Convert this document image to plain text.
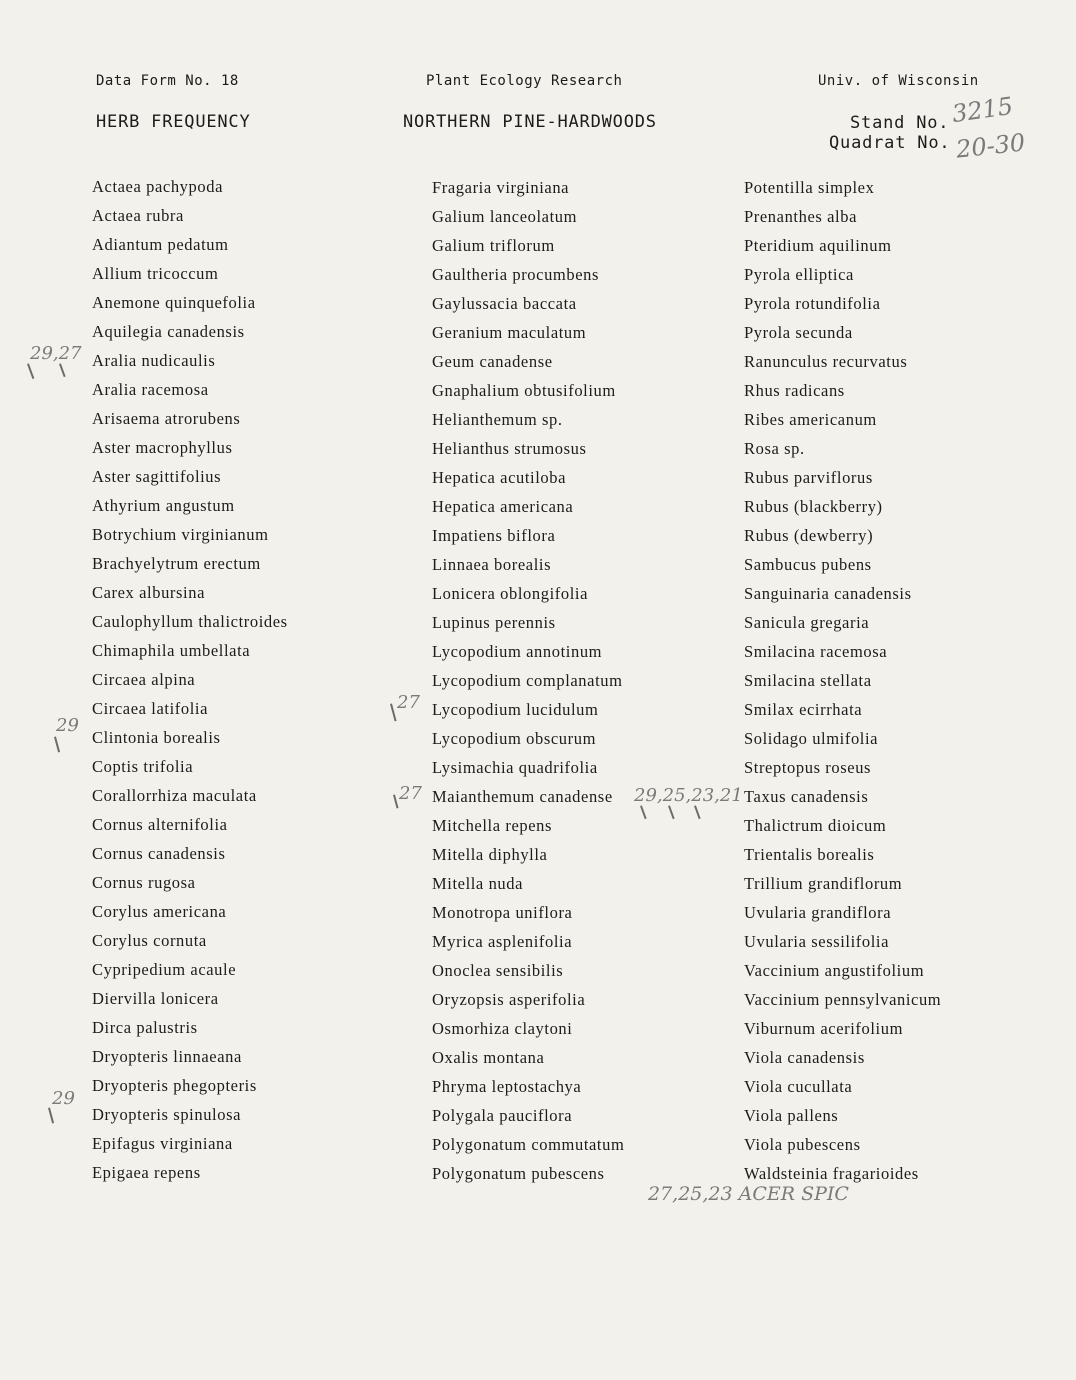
Data Form No. 18	Plant Ecology Research	Univ. of Wisconsin
HERB FREQUENCY	NORTHERN PINE-HARDWOODS	Stand No. 3215
Quadrat No. 20-30
Actaea pachypoda
Actaea rubra
Adiantum pedatum
Allium tricoccum
Anemone quinquefolia
Aquilegia canadensis
Aralia nudicaulis
Aralia racemosa
Arisaema atrorubens
Aster macrophyllus
Aster sagittifolius
Athyrium angustum
Botrychium virginianum
Brachyelytrum erectum
Carex albursina
Caulophyllum thalictroides
Chimaphila umbellata
Circaea alpina
Circaea latifolia
Clintonia borealis
Coptis trifolia
Corallorrhiza maculata
Cornus alternifolia
Cornus canadensis
Cornus rugosa
Corylus americana
Corylus cornuta
Cypripedium acaule
Diervilla lonicera
Dirca palustris
Dryopteris linnaeana
Dryopteris phegopteris
Dryopteris spinulosa
Epifagus virginiana
Epigaea repens
Fragaria virginiana
Galium lanceolatum
Galium triflorum
Gaultheria procumbens
Gaylussacia baccata
Geranium maculatum
Geum canadense
Gnaphalium obtusifolium
Helianthemum sp.
Helianthus strumosus
Hepatica acutiloba
Hepatica americana
Impatiens biflora
Linnaea borealis
Lonicera oblongifolia
Lupinus perennis
Lycopodium annotinum
Lycopodium complanatum
Lycopodium lucidulum
Lycopodium obscurum
Lysimachia quadrifolia
Maianthemum canadense
Mitchella repens
Mitella diphylla
Mitella nuda
Monotropa uniflora
Myrica asplenifolia
Onoclea sensibilis
Oryzopsis asperifolia
Osmorhiza claytoni
Oxalis montana
Phryma leptostachya
Polygala pauciflora
Polygonatum commutatum
Polygonatum pubescens
Potentilla simplex
Prenanthes alba
Pteridium aquilinum
Pyrola elliptica
Pyrola rotundifolia
Pyrola secunda
Ranunculus recurvatus
Rhus radicans
Ribes americanum
Rosa sp.
Rubus parviflorus
Rubus (blackberry)
Rubus (dewberry)
Sambucus pubens
Sanguinaria canadensis
Sanicula gregaria
Smilacina racemosa
Smilacina stellata
Smilax ecirrhata
Solidago ulmifolia
Streptopus roseus
Taxus canadensis
Thalictrum dioicum
Trientalis borealis
Trillium grandiflorum
Uvularia grandiflora
Uvularia sessilifolia
Vaccinium angustifolium
Vaccinium pennsylvanicum
Viburnum acerifolium
Viola canadensis
Viola cucullata
Viola pallens
Viola pubescens
Waldsteinia fragarioides
29,27
29
29
27
27	29,25,23,21
27,25,23 ACER SPIC
